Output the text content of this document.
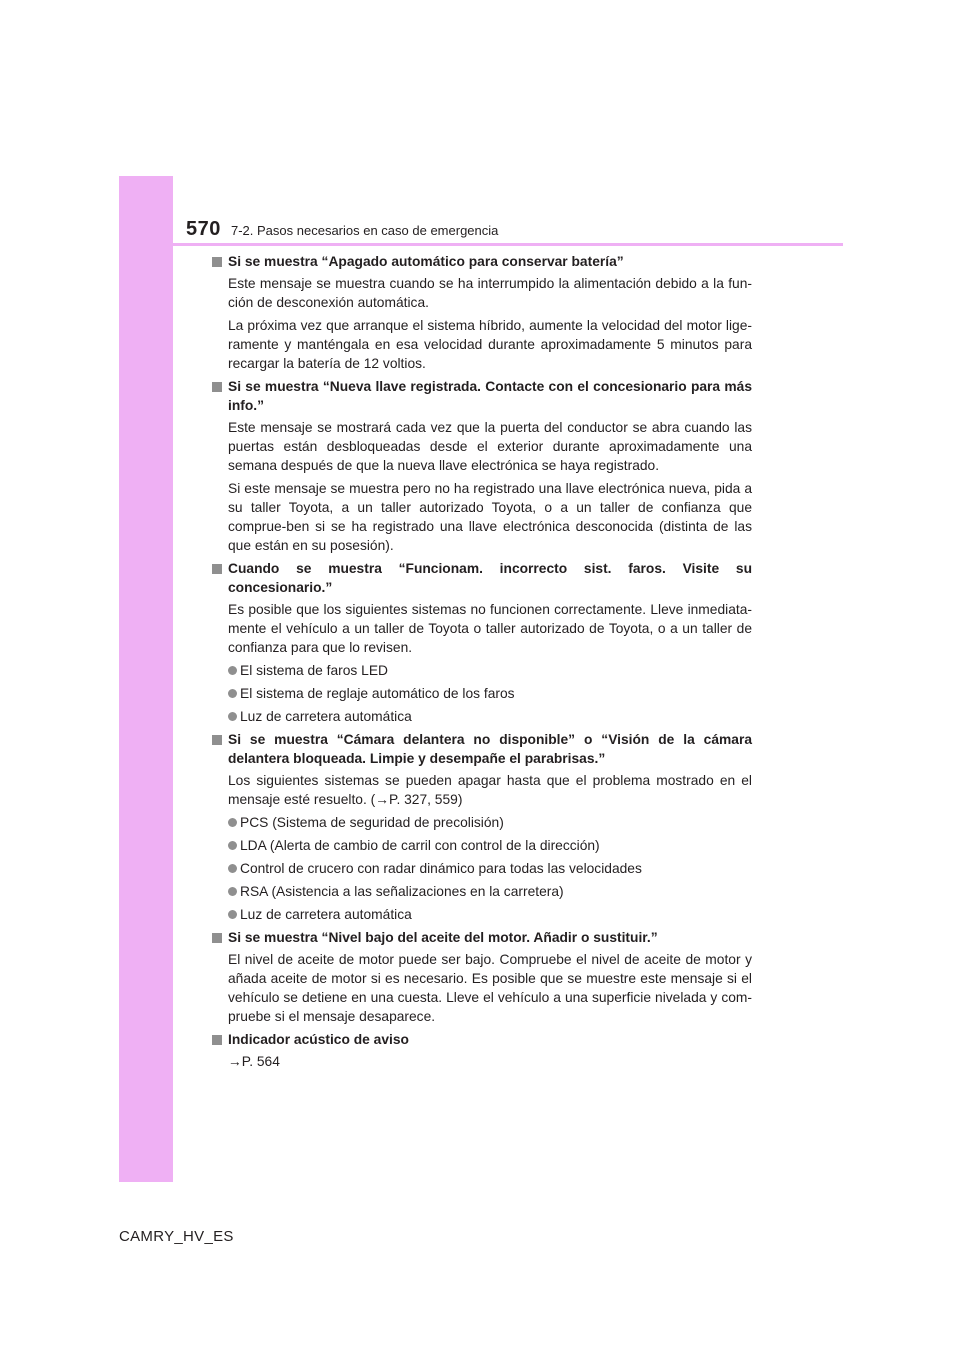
570 7-2. Pasos necesarios en caso de emergencia
Si se muestra “Apagado automático para conservar batería”

Este mensaje se muestra cuando se ha interrumpido la alimentación debido a la fun-ción de desconexión automática.

La próxima vez que arranque el sistema híbrido, aumente la velocidad del motor lige-ramente y manténgala en esa velocidad durante aproximadamente 5 minutos para recargar la batería de 12 voltios.

Si se muestra “Nueva llave registrada. Contacte con el concesionario para más info.”

Este mensaje se mostrará cada vez que la puerta del conductor se abra cuando las puertas están desbloqueadas desde el exterior durante aproximadamente una semana después de que la nueva llave electrónica se haya registrado.

Si este mensaje se muestra pero no ha registrado una llave electrónica nueva, pida a su taller Toyota, a un taller autorizado Toyota, o a un taller de confianza que comprue-ben si se ha registrado una llave electrónica desconocida (distinta de las que están en su posesión).

Cuando se muestra “Funcionam. incorrecto sist. faros. Visite su concesionario.”

Es posible que los siguientes sistemas no funcionen correctamente. Lleve inmediata-mente el vehículo a un taller de Toyota o taller autorizado de Toyota, o a un taller de confianza para que lo revisen.

El sistema de faros LED
El sistema de reglaje automático de los faros
Luz de carretera automática
Si se muestra “Cámara delantera no disponible” o “Visión de la cámara delantera bloqueada. Limpie y desempañe el parabrisas.”

Los siguientes sistemas se pueden apagar hasta que el problema mostrado en el mensaje esté resuelto. (→P. 327, 559)

PCS (Sistema de seguridad de precolisión)
LDA (Alerta de cambio de carril con control de la dirección)
Control de crucero con radar dinámico para todas las velocidades
RSA (Asistencia a las señalizaciones en la carretera)
Luz de carretera automática
Si se muestra “Nivel bajo del aceite del motor. Añadir o sustituir.”

El nivel de aceite de motor puede ser bajo. Compruebe el nivel de aceite de motor y añada aceite de motor si es necesario. Es posible que se muestre este mensaje si el vehículo se detiene en una cuesta. Lleve el vehículo a una superficie nivelada y com-pruebe si el mensaje desaparece.

Indicador acústico de aviso

→P. 564

CAMRY_HV_ES
